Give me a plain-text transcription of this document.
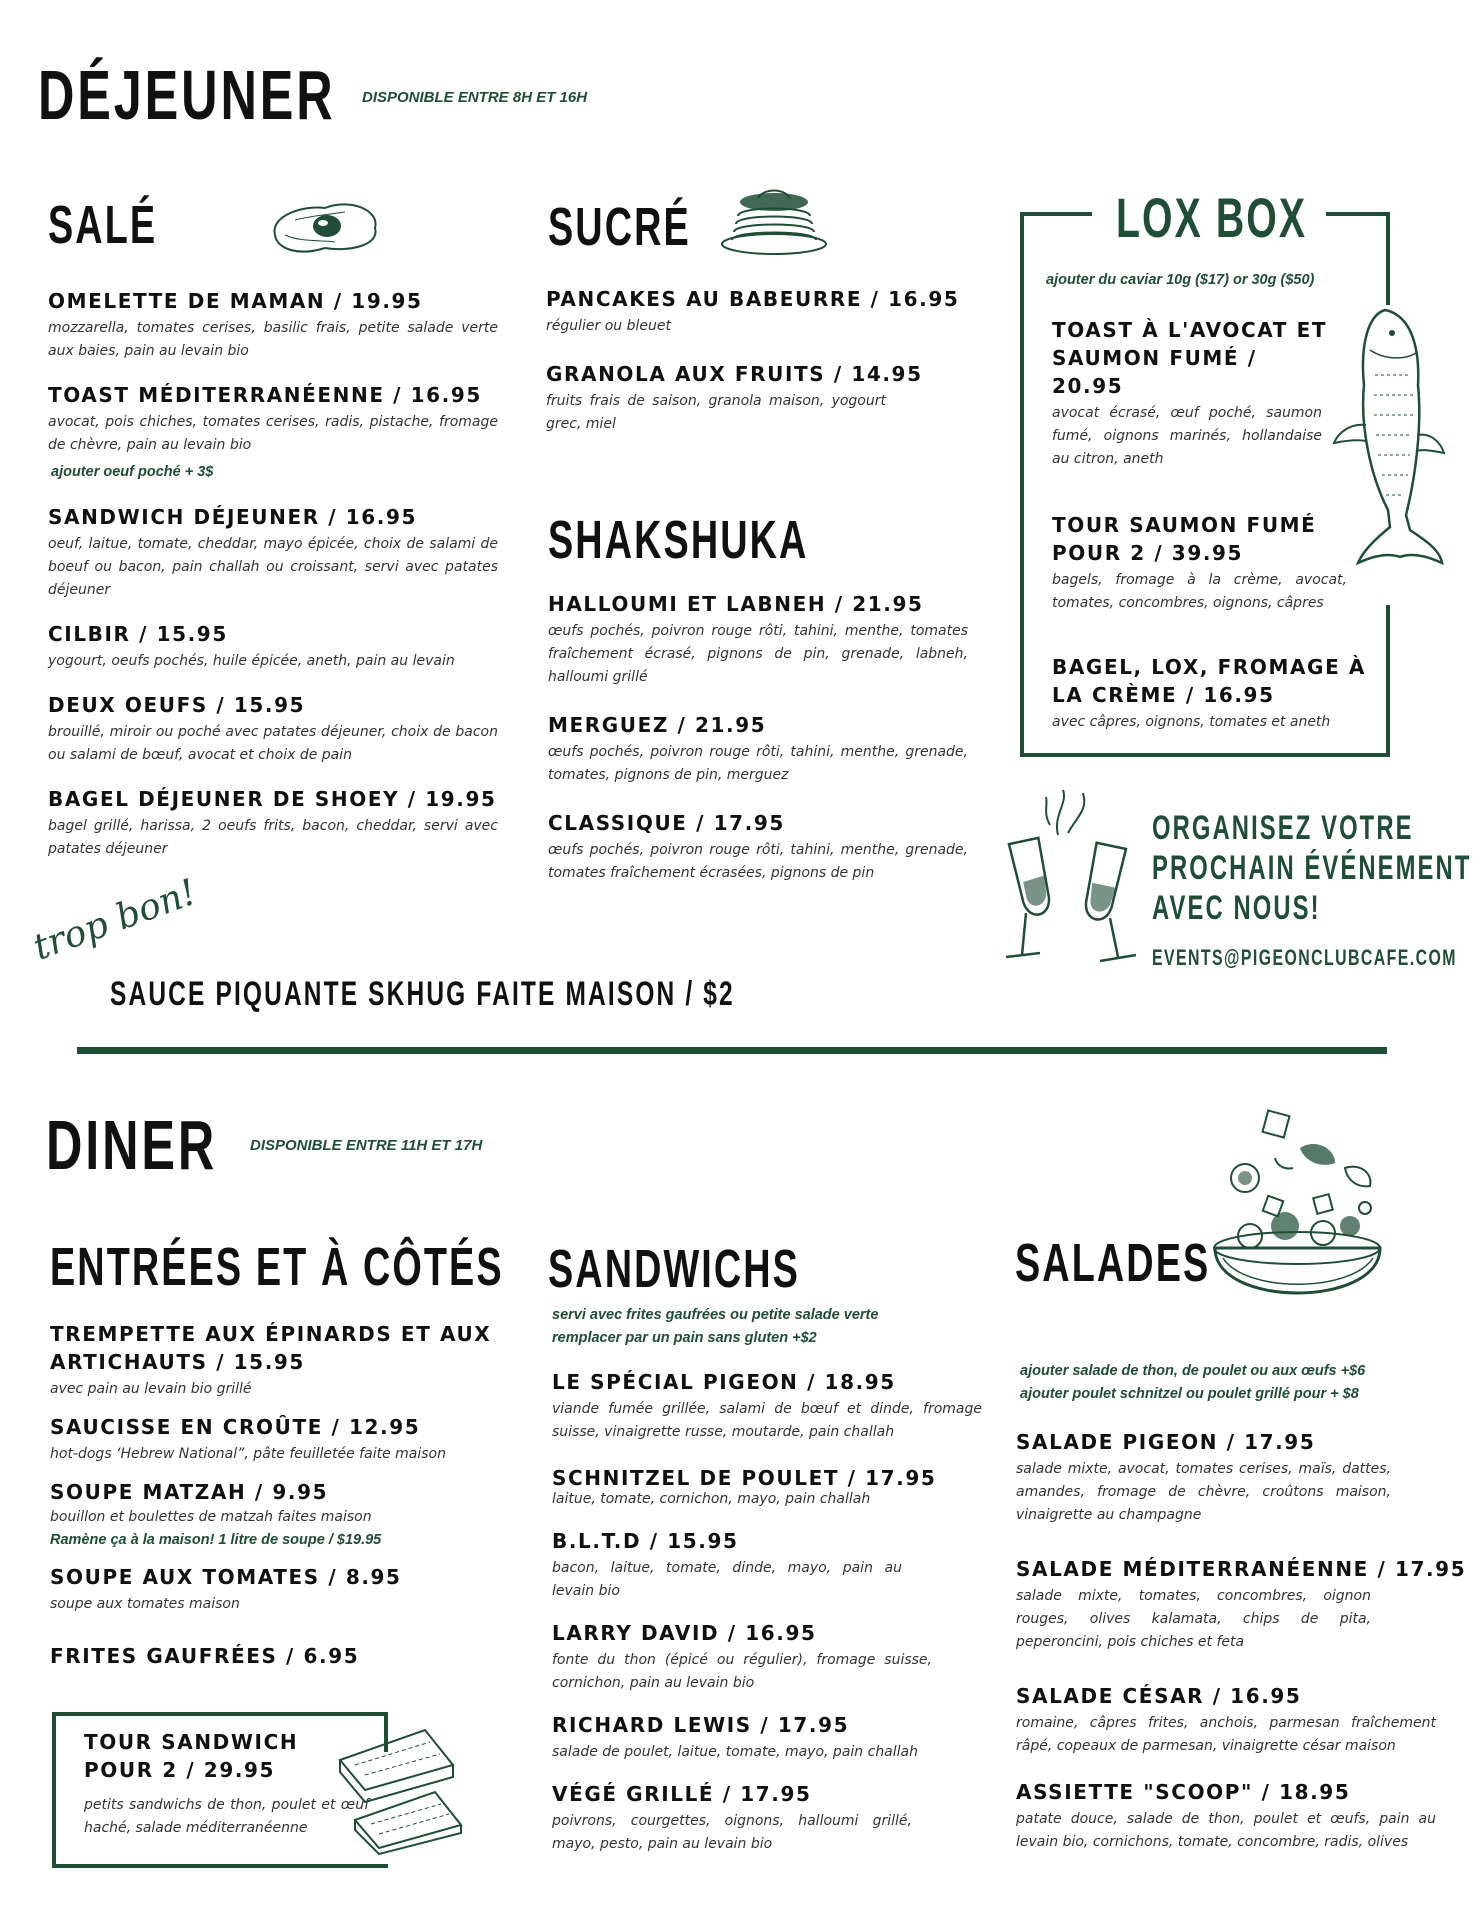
DÉJEUNER DISPONIBLE ENTRE 8H ET 16H
SALÉ
OMELETTE DE MAMAN / 19.95
mozzarella, tomates cerises, basilic frais, petite salade verte aux baies, pain au levain bio
TOAST MÉDITERRANÉENNE / 16.95
avocat, pois chiches, tomates cerises, radis, pistache, fromage de chèvre, pain au levain bio
ajouter oeuf poché + 3$
SANDWICH DÉJEUNER / 16.95
oeuf, laitue, tomate, cheddar, mayo épicée, choix de salami de boeuf ou bacon, pain challah ou croissant, servi avec patates déjeuner
CILBIR / 15.95
yogourt, oeufs pochés, huile épicée, aneth, pain au levain
DEUX OEUFS / 15.95
brouillé, miroir ou poché avec patates déjeuner, choix de bacon ou salami de bœuf, avocat et choix de pain
BAGEL DÉJEUNER DE SHOEY / 19.95
bagel grillé, harissa, 2 oeufs frits, bacon, cheddar, servi avec patates déjeuner
SUCRÉ
PANCAKES AU BABEURRE / 16.95
régulier ou bleuet
GRANOLA AUX FRUITS / 14.95
fruits frais de saison, granola maison, yogourt grec, miel
SHAKSHUKA
HALLOUMI ET LABNEH / 21.95
œufs pochés, poivron rouge rôti, tahini, menthe, tomates fraîchement écrasé, pignons de pin, grenade, labneh, halloumi grillé
MERGUEZ / 21.95
œufs pochés, poivron rouge rôti, tahini, menthe, grenade, tomates, pignons de pin, merguez
CLASSIQUE / 17.95
œufs pochés, poivron rouge rôti, tahini, menthe, grenade, tomates fraîchement écrasées, pignons de pin
LOX BOX
ajouter du caviar 10g ($17) or 30g ($50)
TOAST À L'AVOCAT ET SAUMON FUMÉ / 20.95
avocat écrasé, œuf poché, saumon fumé, oignons marinés, hollandaise au citron, aneth
TOUR SAUMON FUMÉ POUR 2 / 39.95
bagels, fromage à la crème, avocat, tomates, concombres, oignons, câpres
BAGEL, LOX, FROMAGE À LA CRÈME / 16.95
avec câpres, oignons, tomates et aneth
ORGANISEZ VOTRE
PROCHAIN ÉVÉNEMENT
AVEC NOUS!
EVENTS@PIGEONCLUBCAFE.COM
trop bon!
SAUCE PIQUANTE SKHUG FAITE MAISON / $2
DINER DISPONIBLE ENTRE 11H ET 17H
ENTRÉES ET À CÔTÉS
TREMPETTE AUX ÉPINARDS ET AUX ARTICHAUTS / 15.95
avec pain au levain bio grillé
SAUCISSE EN CROÛTE / 12.95
hot-dogs ‘Hebrew National”, pâte feuilletée faite maison
SOUPE MATZAH / 9.95
bouillon et boulettes de matzah faites maison
Ramène ça à la maison! 1 litre de soupe / $19.95
SOUPE AUX TOMATES / 8.95
soupe aux tomates maison
FRITES GAUFRÉES / 6.95
TOUR SANDWICH POUR 2 / 29.95
petits sandwichs de thon, poulet et œuf haché, salade méditerranéenne
SANDWICHS
servi avec frites gaufrées ou petite salade verte
remplacer par un pain sans gluten +$2
LE SPÉCIAL PIGEON / 18.95
viande fumée grillée, salami de bœuf et dinde, fromage suisse, vinaigrette russe, moutarde, pain challah
SCHNITZEL DE POULET / 17.95
laitue, tomate, cornichon, mayo, pain challah
B.L.T.D / 15.95
bacon, laitue, tomate, dinde, mayo, pain au levain bio
LARRY DAVID / 16.95
fonte du thon (épicé ou régulier), fromage suisse, cornichon, pain au levain bio
RICHARD LEWIS / 17.95
salade de poulet, laitue, tomate, mayo, pain challah
VÉGÉ GRILLÉ / 17.95
poivrons, courgettes, oignons, halloumi grillé, mayo, pesto, pain au levain bio
SALADES
ajouter salade de thon, de poulet ou aux œufs +$6
ajouter poulet schnitzel ou poulet grillé pour + $8
SALADE PIGEON / 17.95
salade mixte, avocat, tomates cerises, maïs, dattes, amandes, fromage de chèvre, croûtons maison, vinaigrette au champagne
SALADE MÉDITERRANÉENNE / 17.95
salade mixte, tomates, concombres, oignon rouges, olives kalamata, chips de pita, peperoncini, pois chiches et feta
SALADE CÉSAR / 16.95
romaine, câpres frites, anchois, parmesan fraîchement râpé, copeaux de parmesan, vinaigrette césar maison
ASSIETTE "SCOOP" / 18.95
patate douce, salade de thon, poulet et œufs, pain au levain bio, cornichons, tomate, concombre, radis, olives
